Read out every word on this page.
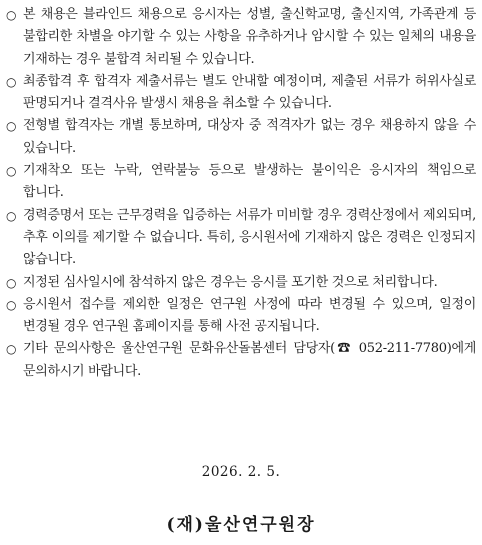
○ 본 채용은 블라인드 채용으로 응시자는 성별, 출신학교명, 출신지역, 가족관계 등 불합리한 차별을 야기할 수 있는 사항을 유추하거나 암시할 수 있는 일체의 내용을 기재하는 경우 불합격 처리될 수 있습니다.
○ 최종합격 후 합격자 제출서류는 별도 안내할 예정이며, 제출된 서류가 허위사실로 판명되거나 결격사유 발생시 채용을 취소할 수 있습니다.
○ 전형별 합격자는 개별 통보하며, 대상자 중 적격자가 없는 경우 채용하지 않을 수 있습니다.
○ 기재착오 또는 누락, 연락불능 등으로 발생하는 불이익은 응시자의 책임으로 합니다.
○ 경력증명서 또는 근무경력을 입증하는 서류가 미비할 경우 경력산정에서 제외되며, 추후 이의를 제기할 수 없습니다. 특히, 응시원서에 기재하지 않은 경력은 인정되지 않습니다.
○ 지정된 심사일시에 참석하지 않은 경우는 응시를 포기한 것으로 처리합니다.
○ 응시원서 접수를 제외한 일정은 연구원 사정에 따라 변경될 수 있으며, 일정이 변경될 경우 연구원 홈페이지를 통해 사전 공지됩니다.
○ 기타 문의사항은 울산연구원 문화유산돌봄센터 담당자(☎ 052-211-7780)에게 문의하시기 바랍니다.
2026. 2. 5.
(재)울산연구원장
